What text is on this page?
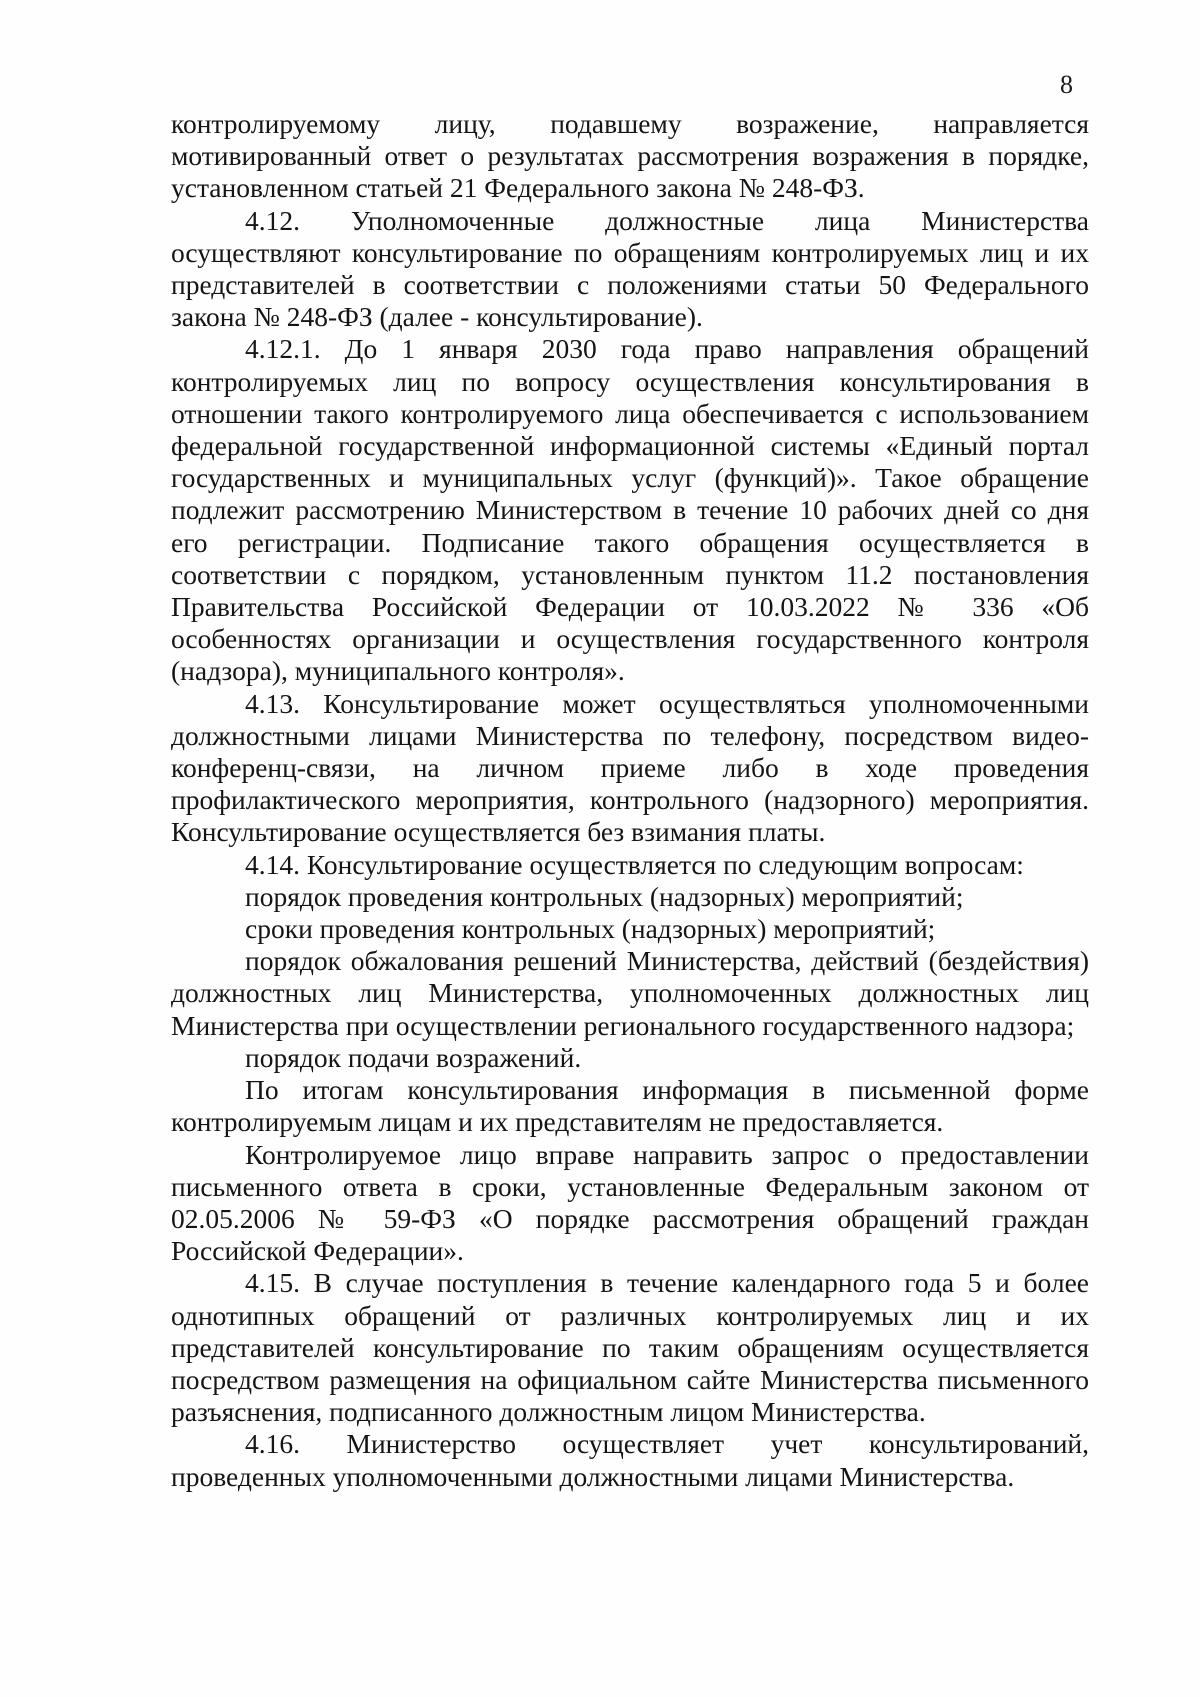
8

контролируемому лицу, подавшему возражение, направляется мотивированный ответ о результатах рассмотрения возражения в порядке, установленном статьей 21 Федерального закона № 248-ФЗ.

4.12. Уполномоченные должностные лица Министерства осуществляют консультирование по обращениям контролируемых лиц и их представителей в соответствии с положениями статьи 50 Федерального закона № 248-ФЗ (далее - консультирование).

4.12.1. До 1 января 2030 года право направления обращений контролируемых лиц по вопросу осуществления консультирования в отношении такого контролируемого лица обеспечивается с использованием федеральной государственной информационной системы «Единый портал государственных и муниципальных услуг (функций)». Такое обращение подлежит рассмотрению Министерством в течение 10 рабочих дней со дня его регистрации. Подписание такого обращения осуществляется в соответствии с порядком, установленным пунктом 11.2 постановления Правительства Российской Федерации от 10.03.2022 № 336 «Об особенностях организации и осуществления государственного контроля (надзора), муниципального контроля».

4.13. Консультирование может осуществляться уполномоченными должностными лицами Министерства по телефону, посредством видео-конференц-связи, на личном приеме либо в ходе проведения профилактического мероприятия, контрольного (надзорного) мероприятия. Консультирование осуществляется без взимания платы.

4.14. Консультирование осуществляется по следующим вопросам:

порядок проведения контрольных (надзорных) мероприятий;

сроки проведения контрольных (надзорных) мероприятий;

порядок обжалования решений Министерства, действий (бездействия) должностных лиц Министерства, уполномоченных должностных лиц Министерства при осуществлении регионального государственного надзора;

порядок подачи возражений.

По итогам консультирования информация в письменной форме контролируемым лицам и их представителям не предоставляется.

Контролируемое лицо вправе направить запрос о предоставлении письменного ответа в сроки, установленные Федеральным законом от 02.05.2006 № 59-ФЗ «О порядке рассмотрения обращений граждан Российской Федерации».

4.15. В случае поступления в течение календарного года 5 и более однотипных обращений от различных контролируемых лиц и их представителей консультирование по таким обращениям осуществляется посредством размещения на официальном сайте Министерства письменного разъяснения, подписанного должностным лицом Министерства.

4.16. Министерство осуществляет учет консультирований, проведенных уполномоченными должностными лицами Министерства.
